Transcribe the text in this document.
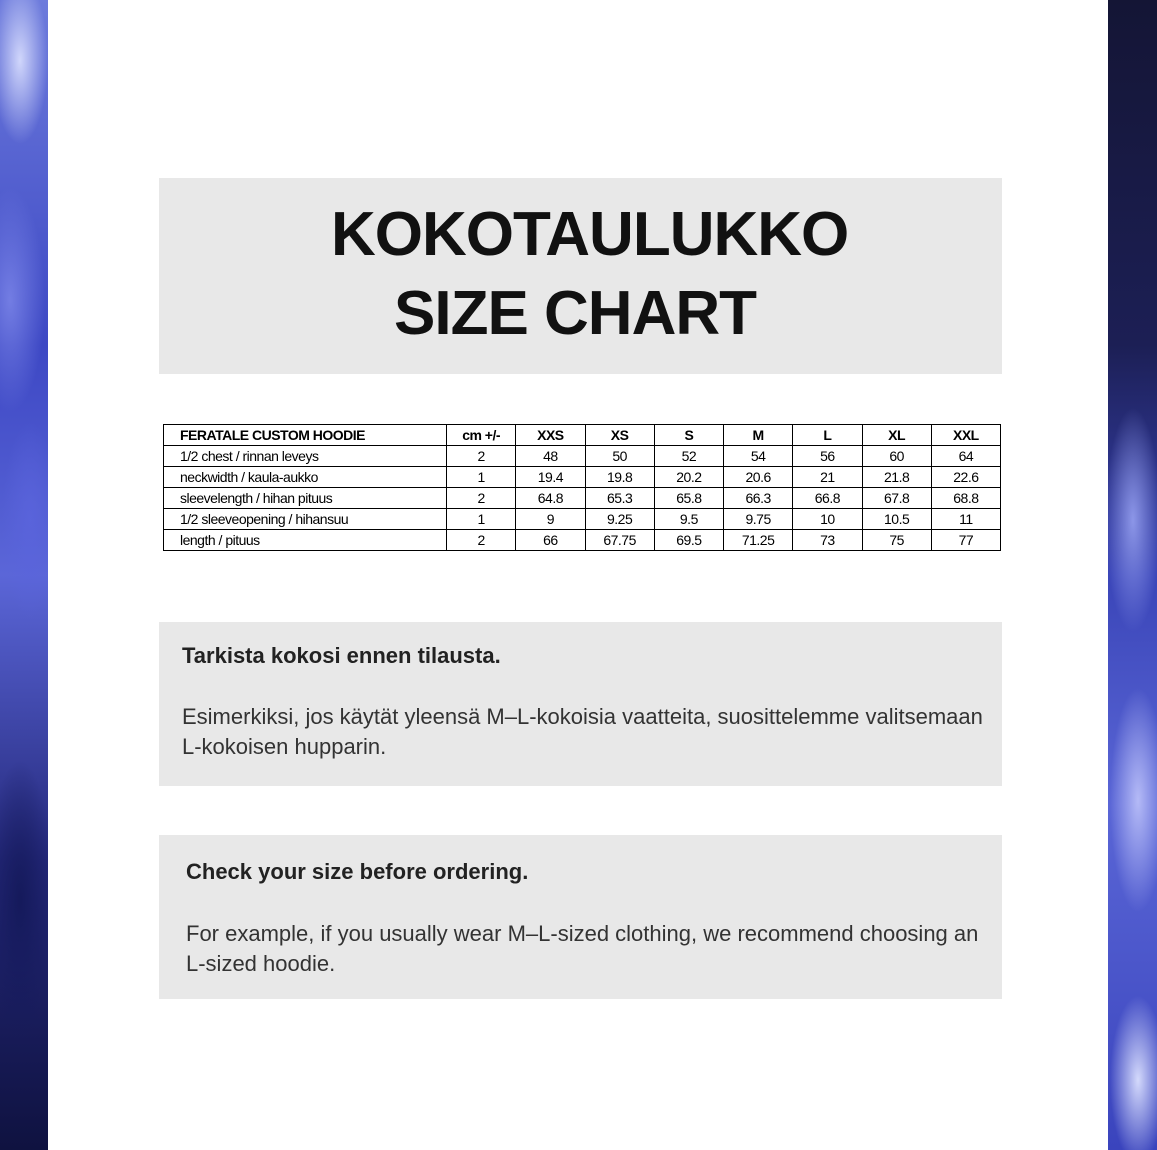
KOKOTAULUKKO
SIZE CHART
FERATALE CUSTOM HOODIE	cm +/-	XXS	XS	S	M	L	XL	XXL
1/2 chest / rinnan leveys	2	48	50	52	54	56	60	64
neckwidth / kaula-aukko	1	19.4	19.8	20.2	20.6	21	21.8	22.6
sleevelength / hihan pituus	2	64.8	65.3	65.8	66.3	66.8	67.8	68.8
1/2 sleeveopening / hihansuu	1	9	9.25	9.5	9.75	10	10.5	11
length / pituus	2	66	67.75	69.5	71.25	73	75	77

Tarkista kokosi ennen tilausta.

Esimerkiksi, jos käytät yleensä M–L-kokoisia vaatteita, suosittelemme valitsemaan L-kokoisen hupparin.

Check your size before ordering.

For example, if you usually wear M–L-sized clothing, we recommend choosing an L-sized hoodie.
